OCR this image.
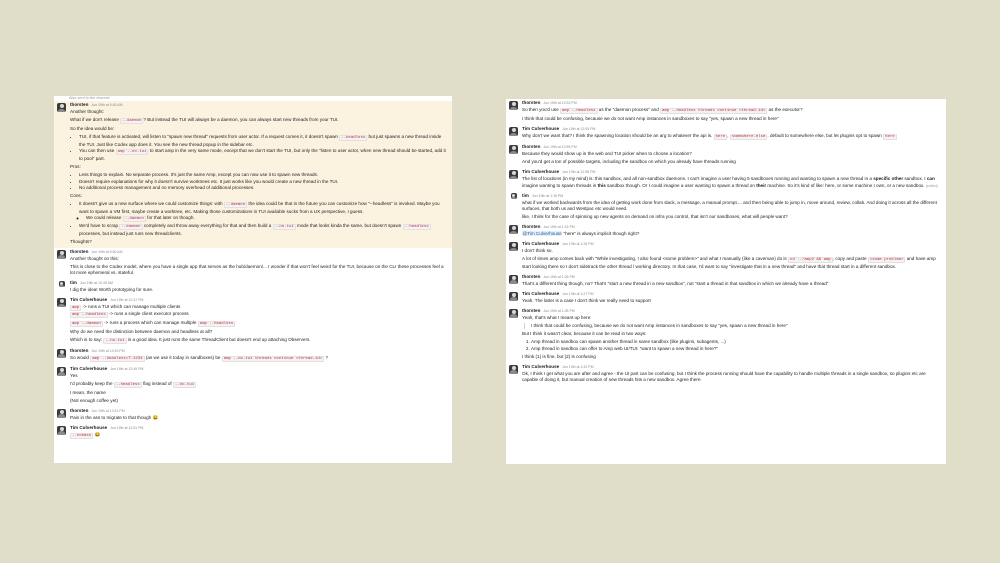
Also sent to the channel
thorsten Jun 19th at 9:45 AM
Another thought:
What if we don't release --daemon ? But instead the TUI will always be a daemon, you can always start new threads from your TUI.
So the idea would be:
• TUI, if that feature is activated, will listen to "spawn new thread" requests from user actor. If a request comes it, it doesn't spawn --headless but just spawns a new thread inside the TUI. Just like Codex app does it. You see the new thread popup in the sidebar etc.
• You can then use amp --no-tui to start amp in the very same mode, except that we don't start the TUI, but only the "listen to user actor, when new thread should be started, add it to pool" part.
Pros:
• Less things to explain. No separate process. It's just the same Amp, except you can now use it to spawn new threads.
• Doesn't require explanations for why it doesn't survive worktrees etc. It just works like you would create a new thread in the TUI.
• No additional process management and no memory overhead of additional processes.
Cons:
• It doesn't give us a new surface where we could customize things: with --daemon the idea could be that in the future you can customize how "--headless" is invoked. Maybe you want to spawn a VM first, maybe create a worktree, etc. Making those customizations in TUI available sucks from a UX perspective, I guess.
◦ We could release --daemon for that later on though.
• We'd have to scrap --daemon completely and throw away everything for that and then build a --no-tui mode that looks kinda the same, but doesn't spawn --headless processes, but instead just runs new threadclients.
Thoughts?
thorsten Jun 19th at 9:50 AM
Another thought on this:
This is close to the Codex model, where you have a single app that serves as the hub/daemon/... I wonder if that won't feel weird for the TUI, because on the CLI these processes feel a lot more ephemeral vs. stateful.
tim Jun 19th at 10:45 AM
I dig the idea! Worth prototyping for sure.
Tim Culverhouse Jun 19th at 12:47 PM
amp -> runs a TUI which can manage multiple clients
amp --headless -> runs a single client executor process
amp --daemon -> runs a process which can manage multiple amp --headless
Why do we need the distinction between daemon and headless at all?
Which is to say: --no-tui is a good idea. It just runs the same ThreadClient but doesn't end up attaching Observers.
thorsten Jun 19th at 12:49 PM
So would amp --headless=T-1234 (as we use it today in sandboxes) be amp --no-tui threads continue <thread-id> ?
Tim Culverhouse Jun 19th at 12:49 PM
Yes
I'd probably keep the --headless flag instead of --no-tui
I mean, the name
(Not enough coffee yet)
thorsten Jun 19th at 12:51 PM
Pain in the ass to migrate to that though 😄
Tim Culverhouse Jun 19th at 12:51 PM
--nohass 😂
thorsten Jun 19th at 12:52 PM
So then you'd use amp --headless as the "daemon process" and amp --headless threads continue <thread-id> as the executor?
I think that could be confusing, because we do not want Amp instances in sandboxes to say "yes, spawn a new thread in here"
Tim Culverhouse Jun 19th at 12:53 PM
Why don't we want that? I think the spawning location should be an arg to whatever the api is. here , somewhere-else . default to somewhere else, but let plugins opt to spawn here
thorsten Jun 19th at 12:55 PM
Because they would show up in the web and TUI picker when to choose a location?
And you'd get a ton of possible targets, including the sandbox on which you already have threads running
Tim Culverhouse Jun 19th at 12:58 PM
The list of locations (in my mind) is: this sandbox, and all non-sandbox daemons. I can't imagine a user having 5 sandboxes running and wanting to spawn a new thread in a specific other sandbox. I can imagine wanting to spawn threads in this sandbox though. Or I could imagine a user wanting to spawn a thread on their machine. So it's kind of like: here, or some machine I own, or a new sandbox. (edited)
tim Jun 19th at 1:15 PM
what if we worked backwards from the idea of getting work done from slack, a message, a manual prompt.... and then being able to jump in, move around, review, collab. And doing it across all the different surfaces, that both us and Westpac etc would need.
like, I think for the case of spinning up new agents on demand on infra you control, that isn't our sandboxes, what will people want?
thorsten Jun 19th at 1:22 PM
@Tim Culverhouse "here" is always implicit though right?
Tim Culverhouse Jun 19th at 1:26 PM
I don't think so.
A lot of times amp comes back with "While investigating, I also found <some problem>" and what I manually (like a caveman) do is cd ../amp2 && amp , copy and paste <some problem> and have amp start looking there so I don't sidetrack the other thread / working directory. In that case, I'd want to say "investigate that in a new thread" and have that thread start in a different sandbox.
thorsten Jun 19th at 1:26 PM
That's a different thing though, no? That's "start a new thread in a new sandbox", not "start a thread in that sandbox in which we already have a thread"
Tim Culverhouse Jun 19th at 1:27 PM
Yeah. The latter is a case I don't think we really need to support
thorsten Jun 19th at 1:28 PM
Yeah, that's what I meant up here:
I think that could be confusing, because we do not want Amp instances in sandboxes to say "yes, spawn a new thread in here"
But I think it wasn't clear, because it can be read in two ways:
1. Amp thread in sandbox can spawn another thread in same sandbox (like plugins, subagents, ...)
2. Amp thread in sandbox can offer to Amp web UI/TUI: "want to spawn a new thread in here?"
I think (1) is fine, but (2) is confusing
Tim Culverhouse Jun 19th at 1:32 PM
Ok, I think I get what you are after and agree - the UI part can be confusing, but I think the process running should have the capability to handle multiple threads in a single sandbox, so plugins etc are capable of doing it, but manual creation of new threads hits a new sandbox. Agree there
